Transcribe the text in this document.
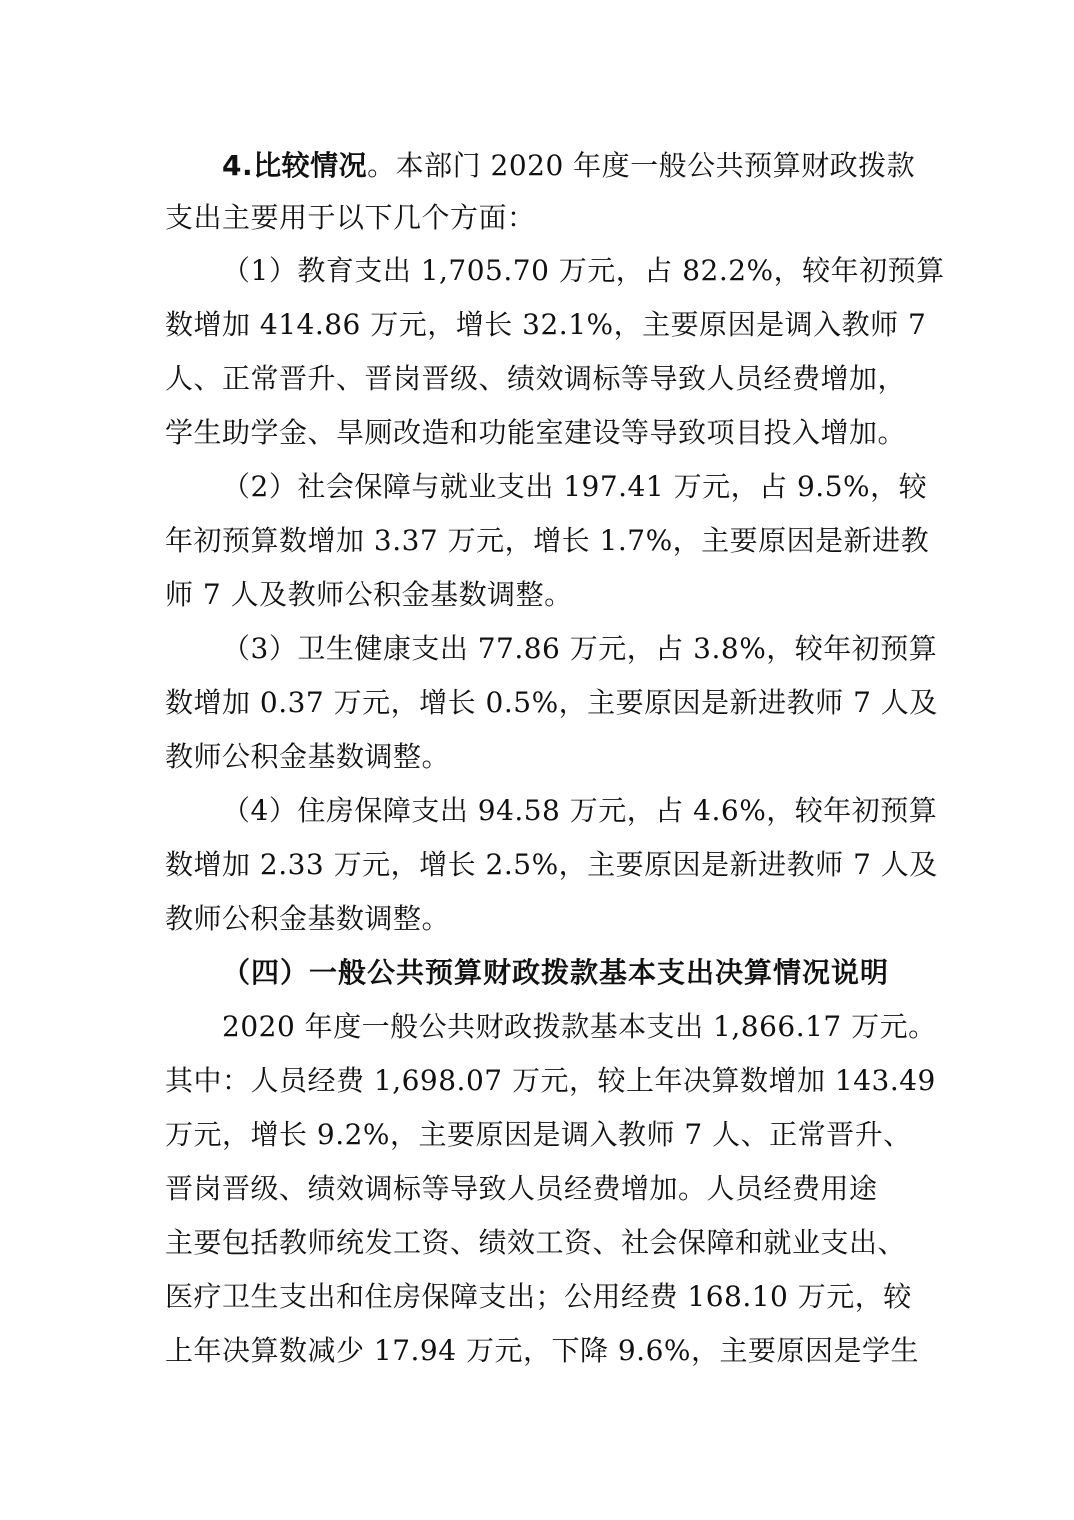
4.比较情况。本部门 2020 年度一般公共预算财政拨款
支出主要用于以下几个方面：
（1）教育支出 1,705.70 万元，占 82.2%，较年初预算
数增加 414.86 万元，增长 32.1%，主要原因是调入教师 7
人、正常晋升、晋岗晋级、绩效调标等导致人员经费增加，
学生助学金、旱厕改造和功能室建设等导致项目投入增加。
（2）社会保障与就业支出 197.41 万元，占 9.5%，较
年初预算数增加 3.37 万元，增长 1.7%，主要原因是新进教
师 7 人及教师公积金基数调整。
（3）卫生健康支出 77.86 万元，占 3.8%，较年初预算
数增加 0.37 万元，增长 0.5%，主要原因是新进教师 7 人及
教师公积金基数调整。
（4）住房保障支出 94.58 万元，占 4.6%，较年初预算
数增加 2.33 万元，增长 2.5%，主要原因是新进教师 7 人及
教师公积金基数调整。
（四）一般公共预算财政拨款基本支出决算情况说明
2020 年度一般公共财政拨款基本支出 1,866.17 万元。
其中：人员经费 1,698.07 万元，较上年决算数增加 143.49
万元，增长 9.2%，主要原因是调入教师 7 人、正常晋升、
晋岗晋级、绩效调标等导致人员经费增加。人员经费用途
主要包括教师统发工资、绩效工资、社会保障和就业支出、
医疗卫生支出和住房保障支出；公用经费 168.10 万元，较
上年决算数减少 17.94 万元，下降 9.6%，主要原因是学生
